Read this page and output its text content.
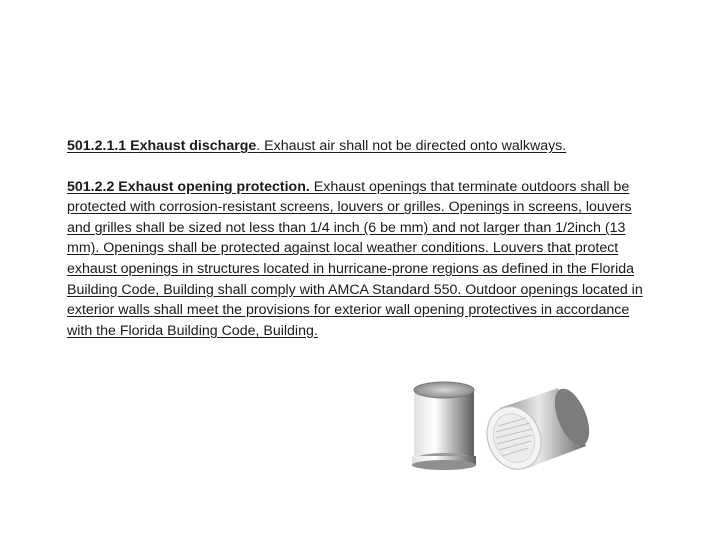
501.2.1.1 Exhaust discharge. Exhaust air shall not be directed onto walkways.

501.2.2 Exhaust opening protection. Exhaust openings that terminate outdoors shall be protected with corrosion-resistant screens, louvers or grilles. Openings in screens, louvers and grilles shall be sized not less than 1/4 inch (6 be mm) and not larger than 1/2inch (13 mm). Openings shall be protected against local weather conditions. Louvers that protect exhaust openings in structures located in hurricane-prone regions as defined in the Florida Building Code, Building shall comply with AMCA Standard 550. Outdoor openings located in exterior walls shall meet the provisions for exterior wall opening protectives in accordance with the Florida Building Code, Building.
